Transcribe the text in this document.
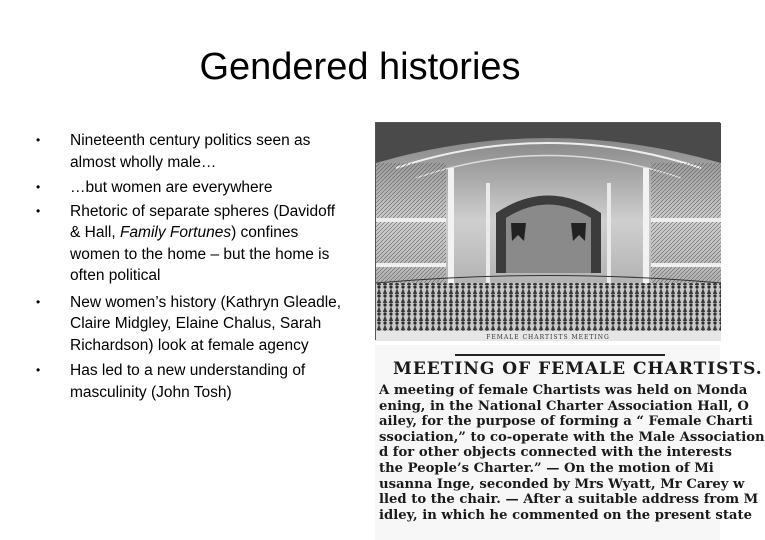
Gendered histories
• Nineteenth century politics seen as
almost wholly male…
• …but women are everywhere
• Rhetoric of separate spheres (Davidoff
& Hall, Family Fortunes) confines
women to the home – but the home is
often political
• New women’s history (Kathryn Gleadle,
Claire Midgley, Elaine Chalus, Sarah
Richardson) look at female agency
• Has led to a new understanding of
masculinity (John Tosh)
FEMALE CHARTISTS MEETING
MEETING OF FEMALE CHARTISTS.
A meeting of female Chartists was held on Monda
ening, in the National Charter Association Hall, O
ailey, for the purpose of forming a “ Female Charti
ssociation,” to co-operate with the Male Association
d for other objects connected with the interests
the People’s Charter.” — On the motion of Mi
usanna Inge, seconded by Mrs Wyatt, Mr Carey w
lled to the chair. — After a suitable address from M
idley, in which he commented on the present state
